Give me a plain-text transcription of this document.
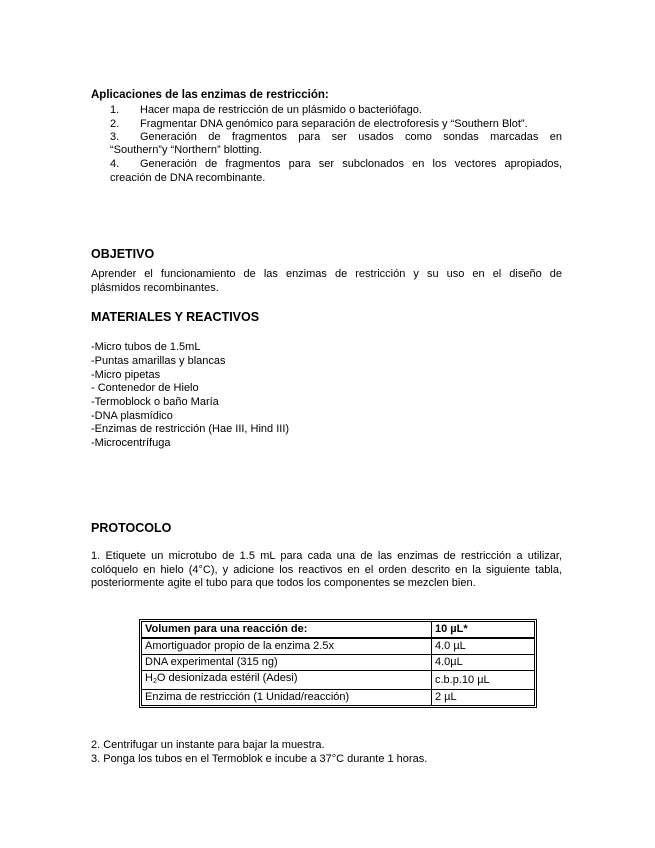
Aplicaciones de las enzimas de restricción:
1. Hacer mapa de restricción de un plásmido o bacteriófago.
2. Fragmentar DNA genómico para separación de electroforesis y “Southern Blot”.
3. Generación de fragmentos para ser usados como sondas marcadas en
“Southern”y “Northern” blotting.
4. Generación de fragmentos para ser subclonados en los vectores apropiados,
creación de DNA recombinante.
OBJETIVO
Aprender el funcionamiento de las enzimas de restricción y su uso en el diseño de
plásmidos recombinantes.
MATERIALES Y REACTIVOS
-Micro tubos de 1.5mL
-Puntas amarillas y blancas
-Micro pipetas
- Contenedor de Hielo
-Termoblock o baño María
-DNA plasmídico
-Enzimas de restricción (Hae III, Hind III)
-Microcentrífuga
PROTOCOLO
1. Etiquete un microtubo de 1.5 mL para cada una de las enzimas de restricción a utilizar,
colóquelo en hielo (4°C), y adicione los reactivos en el orden descrito en la siguiente tabla,
posteriormente agite el tubo para que todos los componentes se mezclen bien.
Volumen para una reacción de:	10 µL*
Amortiguador propio de la enzima 2.5x	4.0 µL
DNA experimental (315 ng)	4.0µL
$H_2O$ desionizada estéril (Adesi)	c.b.p.10 µL
Enzima de restricción (1 Unidad/reacción)	2 µL
2. Centrifugar un instante para bajar la muestra.
3. Ponga los tubos en el Termoblok e incube a 37°C durante 1 horas.
